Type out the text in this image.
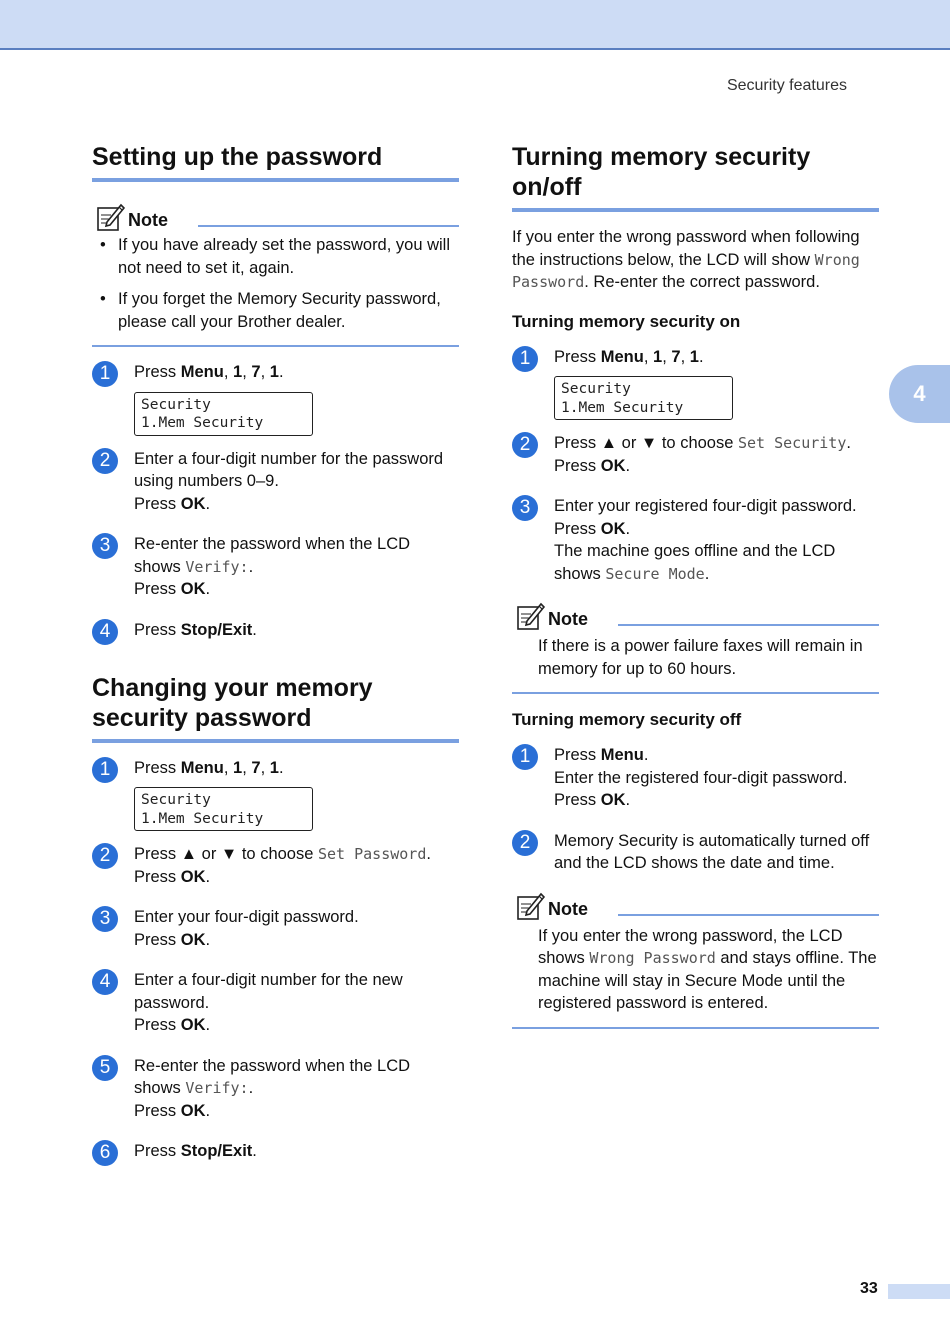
Security features
4
Setting up the password
Note
• If you have already set the password, you will not need to set it, again.
• If you forget the Memory Security password, please call your Brother dealer.
1	Press Menu, 1, 7, 1.
Security
1.Mem Security
2	Enter a four-digit number for the password using numbers 0–9.
Press OK.
3	Re-enter the password when the LCD shows Verify:.
Press OK.
4	Press Stop/Exit.
Changing your memory security password
1	Press Menu, 1, 7, 1.
Security
1.Mem Security
2	Press ▲ or ▼ to choose Set Password.
Press OK.
3	Enter your four-digit password.
Press OK.
4	Enter a four-digit number for the new password.
Press OK.
5	Re-enter the password when the LCD shows Verify:.
Press OK.
6	Press Stop/Exit.
Turning memory security on/off

If you enter the wrong password when following the instructions below, the LCD will show Wrong Password. Re-enter the correct password.

Turning memory security on
1	Press Menu, 1, 7, 1.
Security
1.Mem Security
2	Press ▲ or ▼ to choose Set Security.
Press OK.
3	Enter your registered four-digit password.
Press OK.
The machine goes offline and the LCD shows Secure Mode.
Note
If there is a power failure faxes will remain in memory for up to 60 hours.
Turning memory security off
1	Press Menu.
Enter the registered four-digit password.
Press OK.
2	Memory Security is automatically turned off and the LCD shows the date and time.
Note
If you enter the wrong password, the LCD shows Wrong Password and stays offline. The machine will stay in Secure Mode until the registered password is entered.
33
